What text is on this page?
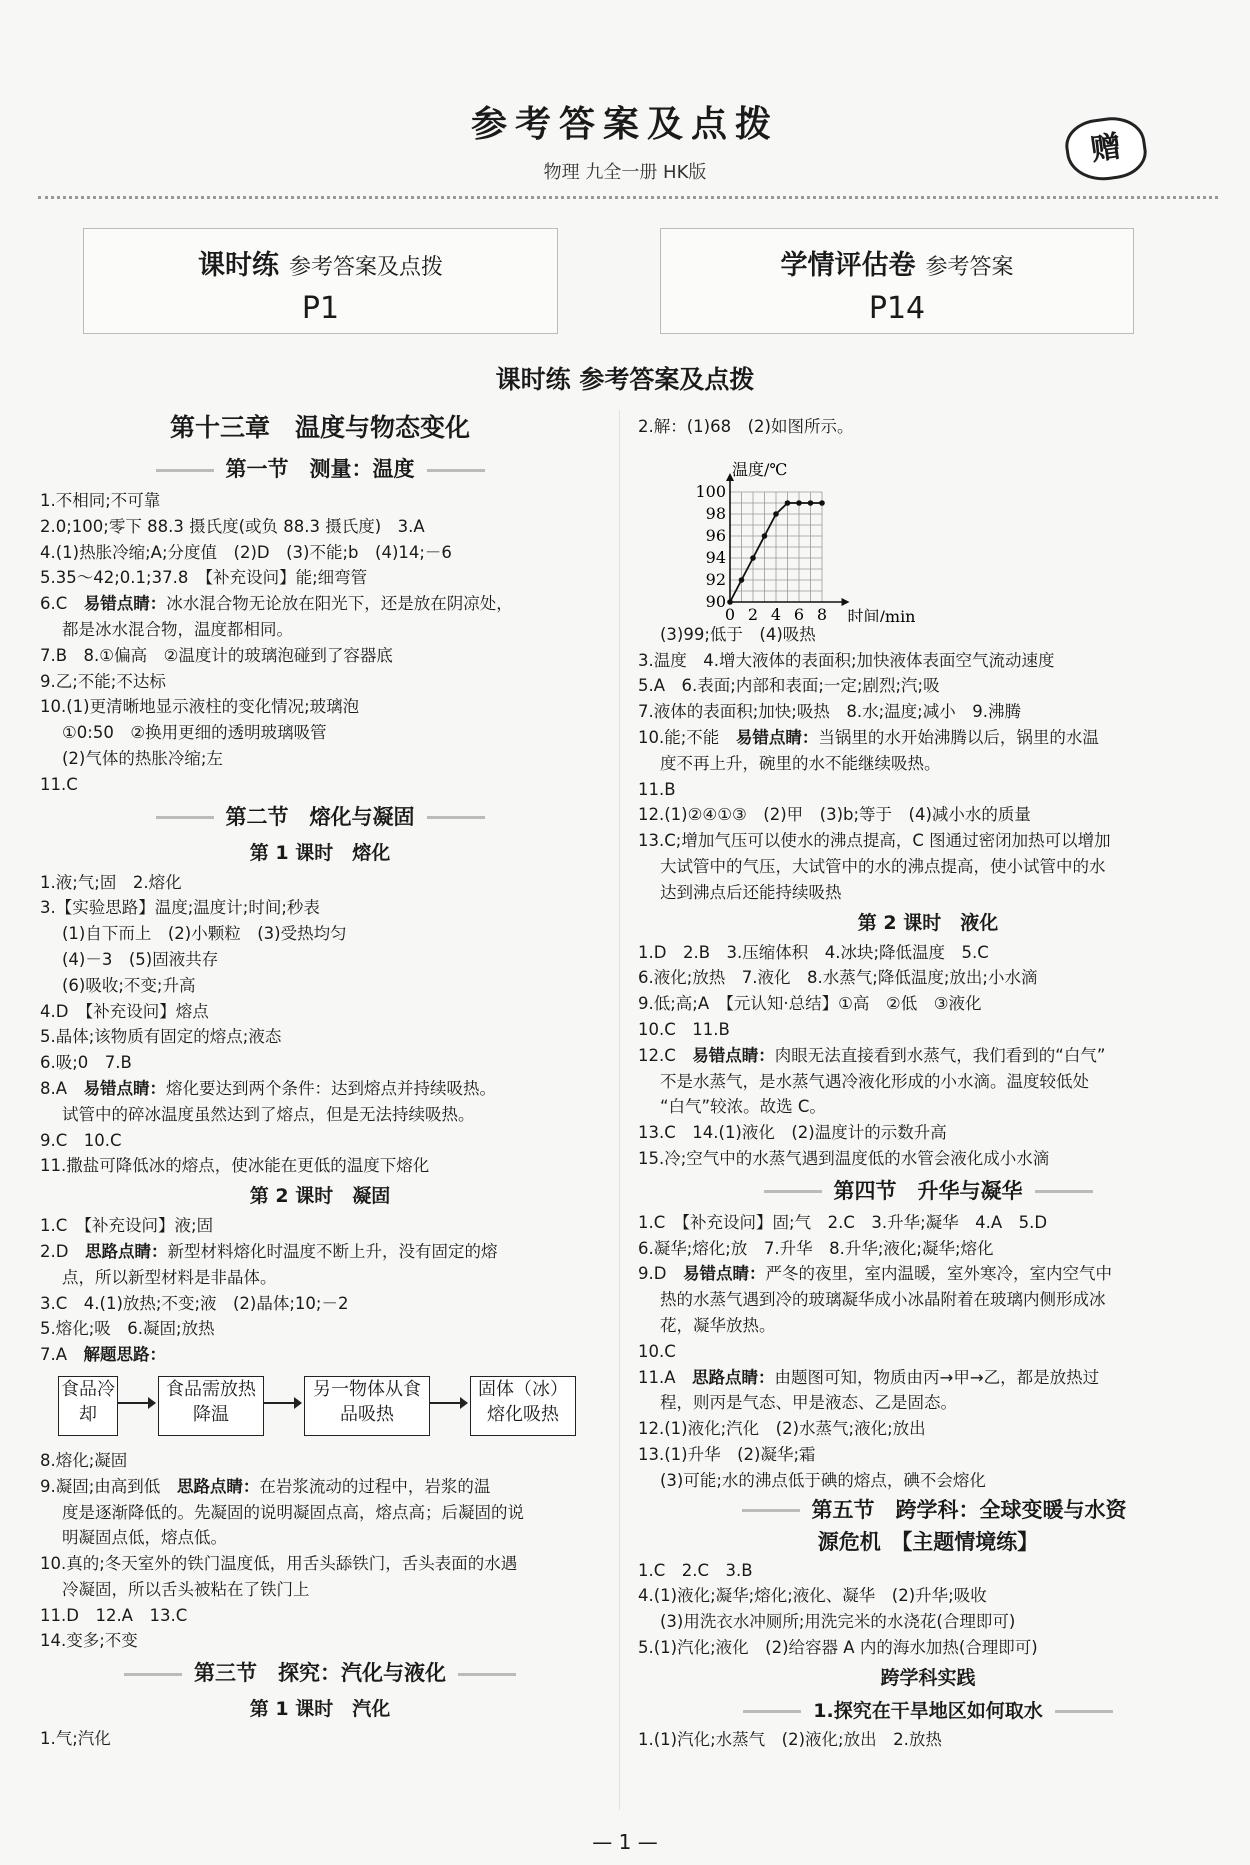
参考答案及点拨
物理 九全一册 HK版
赠
课时练 参考答案及点拨
P1
学情评估卷 参考答案
P14
课时练 参考答案及点拨
第十三章　温度与物态变化
第一节　测量：温度
1.不相同;不可靠
2.0;100;零下 88.3 摄氏度(或负 88.3 摄氏度)　3.A
4.(1)热胀冷缩;A;分度值　(2)D　(3)不能;b　(4)14;－6
5.35～42;0.1;37.8　【补充设问】能;细弯管
6.C　易错点睛：冰水混合物无论放在阳光下，还是放在阴凉处，
都是冰水混合物，温度都相同。
7.B　8.①偏高　②温度计的玻璃泡碰到了容器底
9.乙;不能;不达标
10.(1)更清晰地显示液柱的变化情况;玻璃泡
①0:50　②换用更细的透明玻璃吸管
(2)气体的热胀冷缩;左
11.C
第二节　熔化与凝固
第 1 课时　熔化
1.液;气;固　2.熔化
3.【实验思路】温度;温度计;时间;秒表
(1)自下而上　(2)小颗粒　(3)受热均匀
(4)－3　(5)固液共存
(6)吸收;不变;升高
4.D　【补充设问】熔点
5.晶体;该物质有固定的熔点;液态
6.吸;0　7.B
8.A　易错点睛：熔化要达到两个条件：达到熔点并持续吸热。
试管中的碎冰温度虽然达到了熔点，但是无法持续吸热。
9.C　10.C
11.撒盐可降低冰的熔点，使冰能在更低的温度下熔化
第 2 课时　凝固
1.C　【补充设问】液;固
2.D　思路点睛：新型材料熔化时温度不断上升，没有固定的熔
点，所以新型材料是非晶体。
3.C　4.(1)放热;不变;液　(2)晶体;10;－2
5.熔化;吸　6.凝固;放热
7.A　解题思路：
食品冷却
食品需放热降温
另一物体从食品吸热
固体（冰）熔化吸热
8.熔化;凝固
9.凝固;由高到低　思路点睛：在岩浆流动的过程中，岩浆的温
度是逐渐降低的。先凝固的说明凝固点高，熔点高；后凝固的说
明凝固点低，熔点低。
10.真的;冬天室外的铁门温度低，用舌头舔铁门，舌头表面的水遇
冷凝固，所以舌头被粘在了铁门上
11.D　12.A　13.C
14.变多;不变
第三节　探究：汽化与液化
第 1 课时　汽化
1.气;汽化
2.解：(1)68　(2)如图所示。
90
92
94
96
98
100
0 2 4 6 8
温度/℃
时间/min
(3)99;低于　(4)吸热
3.温度　4.增大液体的表面积;加快液体表面空气流动速度
5.A　6.表面;内部和表面;一定;剧烈;汽;吸
7.液体的表面积;加快;吸热　8.水;温度;减小　9.沸腾
10.能;不能　易错点睛：当锅里的水开始沸腾以后，锅里的水温
度不再上升，碗里的水不能继续吸热。
11.B
12.(1)②④①③　(2)甲　(3)b;等于　(4)减小水的质量
13.C;增加气压可以使水的沸点提高，C 图通过密闭加热可以增加
大试管中的气压，大试管中的水的沸点提高，使小试管中的水
达到沸点后还能持续吸热
第 2 课时　液化
1.D　2.B　3.压缩体积　4.冰块;降低温度　5.C
6.液化;放热　7.液化　8.水蒸气;降低温度;放出;小水滴
9.低;高;A　【元认知·总结】①高　②低　③液化
10.C　11.B
12.C　易错点睛：肉眼无法直接看到水蒸气，我们看到的“白气”
不是水蒸气，是水蒸气遇冷液化形成的小水滴。温度较低处
“白气”较浓。故选 C。
13.C　14.(1)液化　(2)温度计的示数升高
15.冷;空气中的水蒸气遇到温度低的水管会液化成小水滴
第四节　升华与凝华
1.C　【补充设问】固;气　2.C　3.升华;凝华　4.A　5.D
6.凝华;熔化;放　7.升华　8.升华;液化;凝华;熔化
9.D　易错点睛：严冬的夜里，室内温暖，室外寒冷，室内空气中
热的水蒸气遇到冷的玻璃凝华成小冰晶附着在玻璃内侧形成冰
花，凝华放热。
10.C
11.A　思路点睛：由题图可知，物质由丙→甲→乙，都是放热过
程，则丙是气态、甲是液态、乙是固态。
12.(1)液化;汽化　(2)水蒸气;液化;放出
13.(1)升华　(2)凝华;霜
(3)可能;水的沸点低于碘的熔点，碘不会熔化
第五节　跨学科：全球变暖与水资
源危机　【主题情境练】
1.C　2.C　3.B
4.(1)液化;凝华;熔化;液化、凝华　(2)升华;吸收
(3)用洗衣水冲厕所;用洗完米的水浇花(合理即可)
5.(1)汽化;液化　(2)给容器 A 内的海水加热(合理即可)
跨学科实践
1.探究在干旱地区如何取水
1.(1)汽化;水蒸气　(2)液化;放出　2.放热
— 1 —
